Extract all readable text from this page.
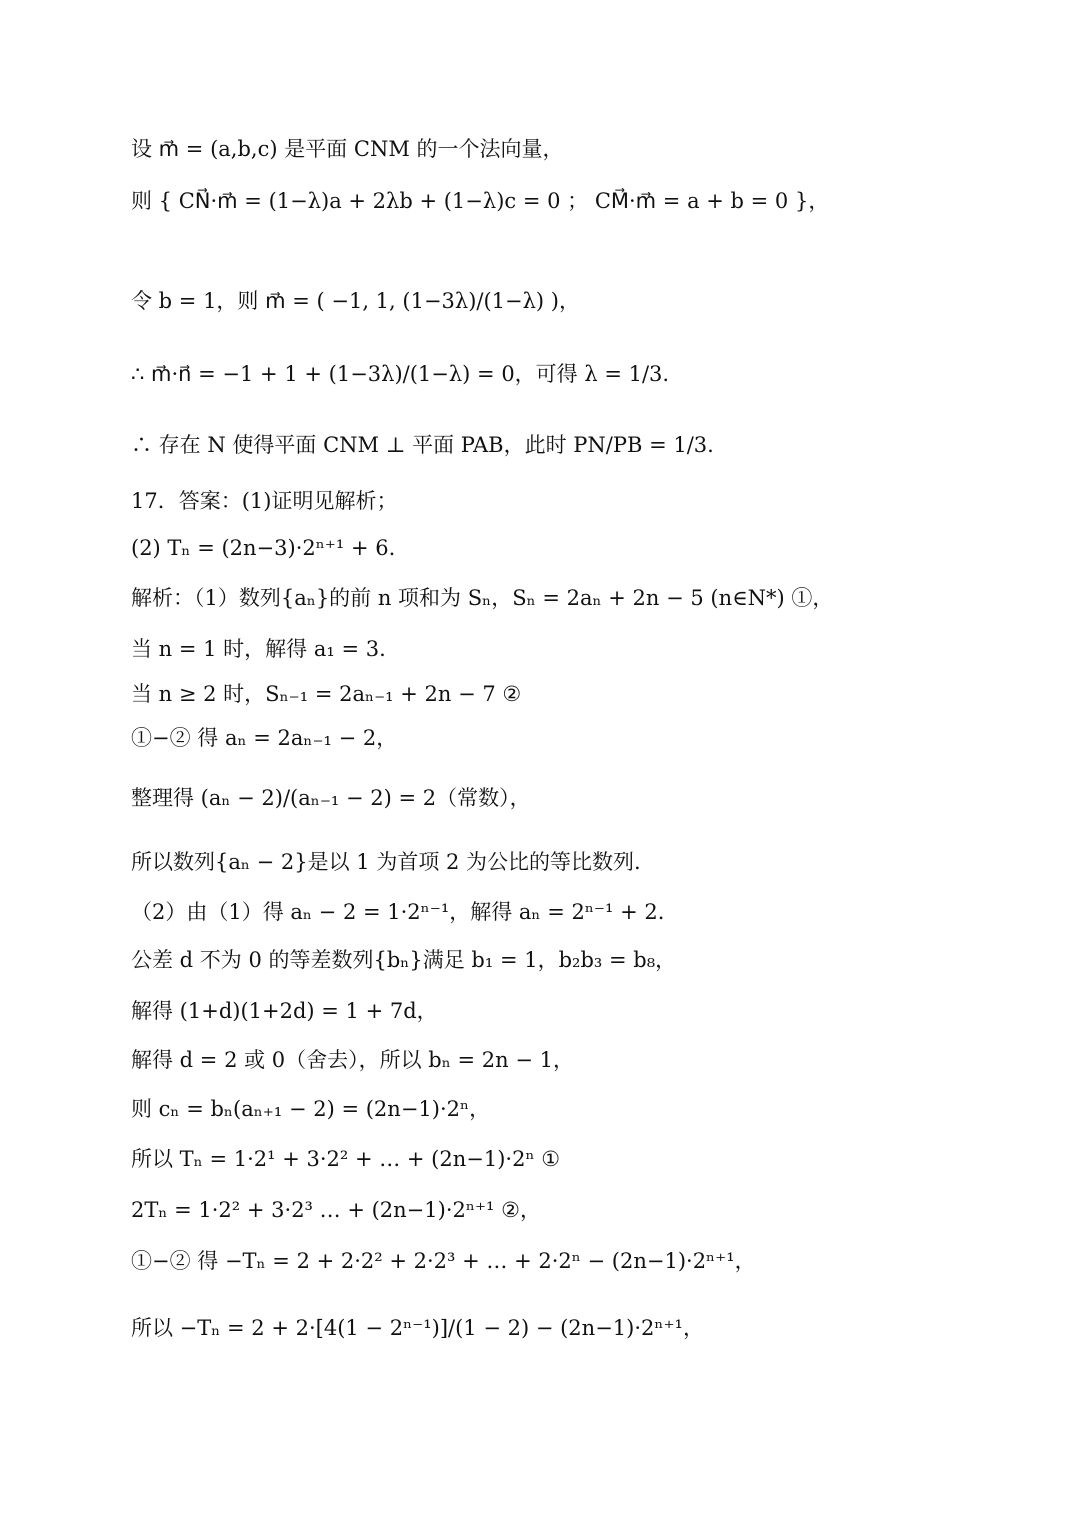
设 m⃗ = (a,b,c) 是平面 CNM 的一个法向量，
则 { CN⃗·m⃗ = (1−λ)a + 2λb + (1−λ)c = 0 ； CM⃗·m⃗ = a + b = 0 }，
令 b = 1，则 m⃗ = ( −1, 1, (1−3λ)/(1−λ) )，
∴ m⃗·n⃗ = −1 + 1 + (1−3λ)/(1−λ) = 0，可得 λ = 1/3.
∴ 存在 N 使得平面 CNM ⊥ 平面 PAB，此时 PN/PB = 1/3.
17．答案：(1)证明见解析；
(2) Tₙ = (2n−3)·2ⁿ⁺¹ + 6.
解析：（1）数列{aₙ}的前 n 项和为 Sₙ，Sₙ = 2aₙ + 2n − 5 (n∈N*) ①，
当 n = 1 时，解得 a₁ = 3.
当 n ≥ 2 时，Sₙ₋₁ = 2aₙ₋₁ + 2n − 7 ②
①−② 得 aₙ = 2aₙ₋₁ − 2，
整理得 (aₙ − 2)/(aₙ₋₁ − 2) = 2（常数），
所以数列{aₙ − 2}是以 1 为首项 2 为公比的等比数列.
（2）由（1）得 aₙ − 2 = 1·2ⁿ⁻¹，解得 aₙ = 2ⁿ⁻¹ + 2.
公差 d 不为 0 的等差数列{bₙ}满足 b₁ = 1，b₂b₃ = b₈，
解得 (1+d)(1+2d) = 1 + 7d，
解得 d = 2 或 0（舍去），所以 bₙ = 2n − 1，
则 cₙ = bₙ(aₙ₊₁ − 2) = (2n−1)·2ⁿ，
所以 Tₙ = 1·2¹ + 3·2² + … + (2n−1)·2ⁿ ①
2Tₙ = 1·2² + 3·2³ … + (2n−1)·2ⁿ⁺¹ ②，
①−② 得 −Tₙ = 2 + 2·2² + 2·2³ + … + 2·2ⁿ − (2n−1)·2ⁿ⁺¹，
所以 −Tₙ = 2 + 2·[4(1 − 2ⁿ⁻¹)]/(1 − 2) − (2n−1)·2ⁿ⁺¹，
